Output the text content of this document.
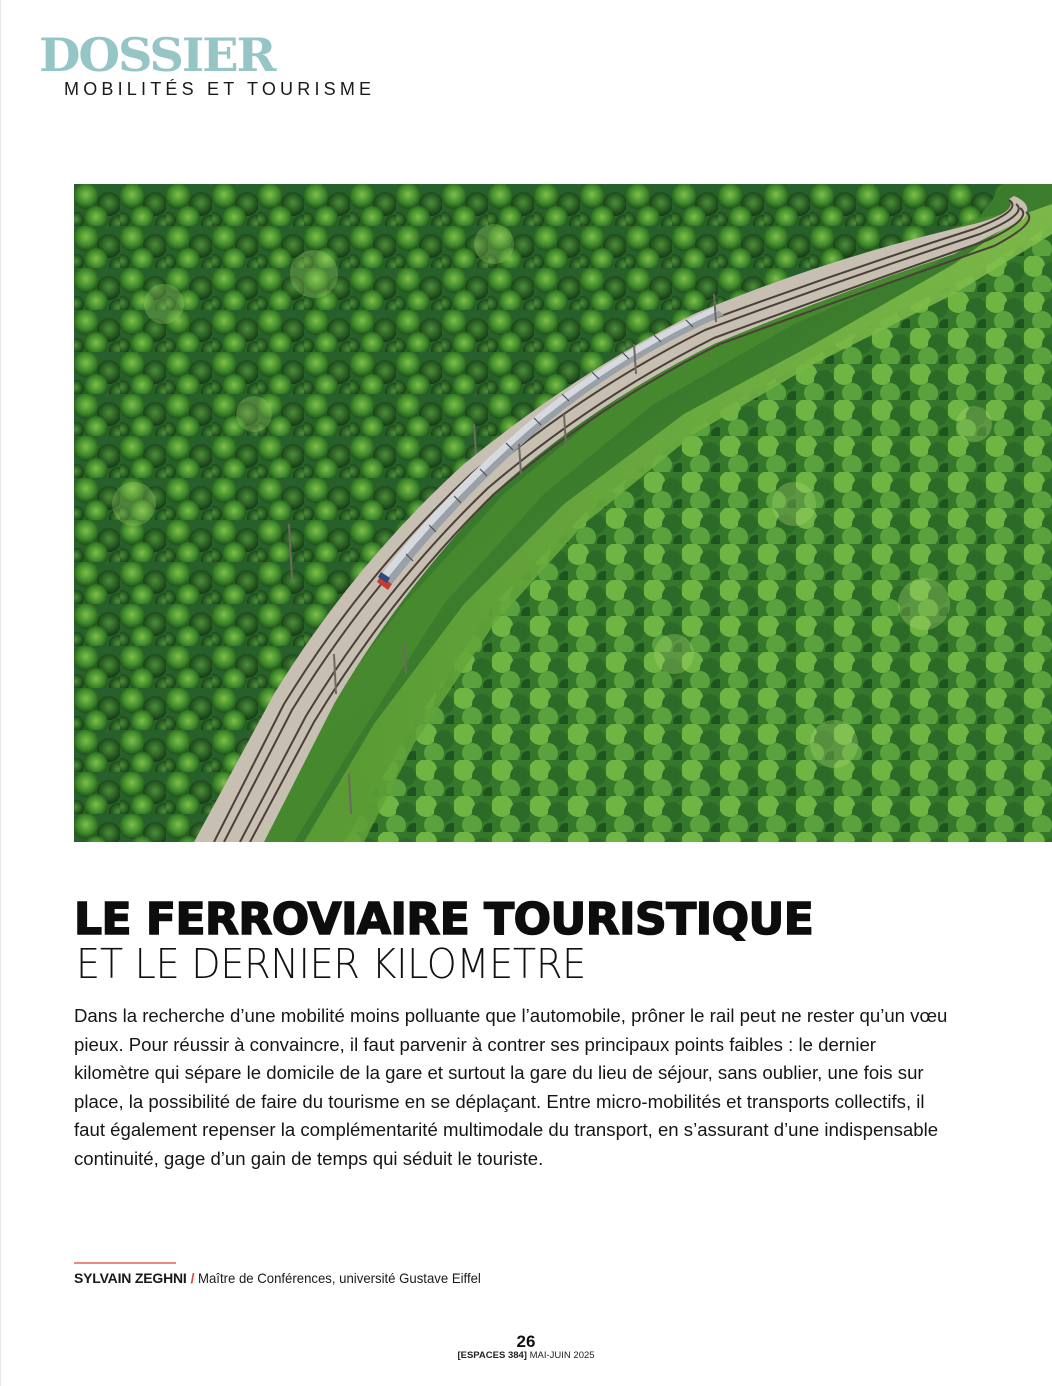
DOSSIER
MOBILITÉS ET TOURISME
LE FERROVIAIRE TOURISTIQUE
ET LE DERNIER KILOMETRE

Dans la recherche d’une mobilité moins polluante que l’automobile, prôner le rail peut ne rester qu’un vœu pieux. Pour réussir à convaincre, il faut parvenir à contrer ses principaux points faibles : le dernier kilomètre qui sépare le domicile de la gare et surtout la gare du lieu de séjour, sans oublier, une fois sur place, la possibilité de faire du tourisme en se déplaçant. Entre micro-mobilités et transports collectifs, il faut également repenser la complémentarité multimodale du transport, en s’assurant d’une indispensable continuité, gage d’un gain de temps qui séduit le touriste.

SYLVAIN ZEGHNI / Maître de Conférences, université Gustave Eiffel
26
[ESPACES 384] MAI-JUIN 2025
